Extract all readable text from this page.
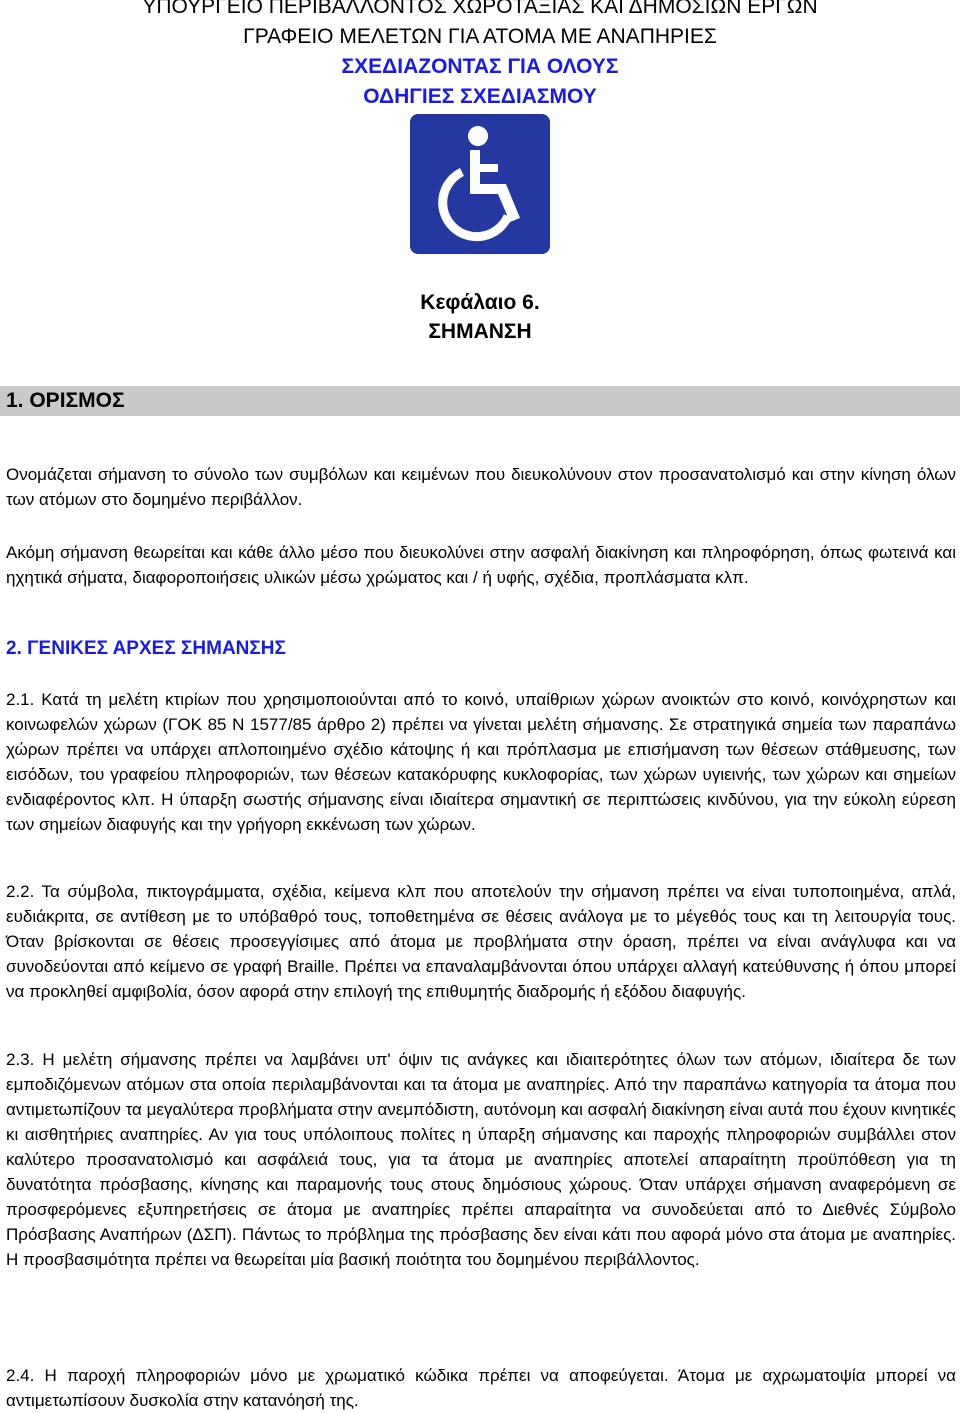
ΥΠΟΥΡΓΕΙΟ ΠΕΡΙΒΑΛΛΟΝΤΟΣ ΧΩΡΟΤΑΞΙΑΣ ΚΑΙ ΔΗΜΟΣΙΩΝ ΕΡΓΩΝ
ΓΡΑΦΕΙΟ ΜΕΛΕΤΩΝ ΓΙΑ ΑΤΟΜΑ ΜΕ ΑΝΑΠΗΡΙΕΣ
ΣΧΕΔΙΑΖΟΝΤΑΣ ΓΙΑ ΟΛΟΥΣ
ΟΔΗΓΙΕΣ ΣΧΕΔΙΑΣΜΟΥ
Κεφάλαιο 6.
ΣΗΜΑΝΣΗ
1. ΟΡΙΣΜΟΣ

Ονομάζεται σήμανση το σύνολο των συμβόλων και κειμένων που διευκολύνουν στον προσανατολισμό και στην κίνηση όλων των ατόμων στο δομημένο περιβάλλον.

Ακόμη σήμανση θεωρείται και κάθε άλλο μέσο που διευκολύνει στην ασφαλή διακίνηση και πληροφόρηση, όπως φωτεινά και ηχητικά σήματα, διαφοροποιήσεις υλικών μέσω χρώματος και / ή υφής, σχέδια, προπλάσματα κλπ.

2. ΓΕΝΙΚΕΣ ΑΡΧΕΣ ΣΗΜΑΝΣΗΣ

2.1. Κατά τη μελέτη κτιρίων που χρησιμοποιούνται από το κοινό, υπαίθριων χώρων ανοικτών στο κοινό, κοινόχρηστων και κοινωφελών χώρων (ΓΟΚ 85 Ν 1577/85 άρθρο 2) πρέπει να γίνεται μελέτη σήμανσης. Σε στρατηγικά σημεία των παραπάνω χώρων πρέπει να υπάρχει απλοποιημένο σχέδιο κάτοψης ή και πρόπλασμα με επισήμανση των θέσεων στάθμευσης, των εισόδων, του γραφείου πληροφοριών, των θέσεων κατακόρυφης κυκλοφορίας, των χώρων υγιεινής, των χώρων και σημείων ενδιαφέροντος κλπ. Η ύπαρξη σωστής σήμανσης είναι ιδιαίτερα σημαντική σε περιπτώσεις κινδύνου, για την εύκολη εύρεση των σημείων διαφυγής και την γρήγορη εκκένωση των χώρων.

2.2. Τα σύμβολα, πικτογράμματα, σχέδια, κείμενα κλπ που αποτελούν την σήμανση πρέπει να είναι τυποποιημένα, απλά, ευδιάκριτα, σε αντίθεση με το υπόβαθρό τους, τοποθετημένα σε θέσεις ανάλογα με το μέγεθός τους και τη λειτουργία τους. Όταν βρίσκονται σε θέσεις προσεγγίσιμες από άτομα με προβλήματα στην όραση, πρέπει να είναι ανάγλυφα και να συνοδεύονται από κείμενο σε γραφή Braille. Πρέπει να επαναλαμβάνονται όπου υπάρχει αλλαγή κατεύθυνσης ή όπου μπορεί να προκληθεί αμφιβολία, όσον αφορά στην επιλογή της επιθυμητής διαδρομής ή εξόδου διαφυγής.

2.3. Η μελέτη σήμανσης πρέπει να λαμβάνει υπ' όψιν τις ανάγκες και ιδιαιτερότητες όλων των ατόμων, ιδιαίτερα δε των εμποδιζόμενων ατόμων στα οποία περιλαμβάνονται και τα άτομα με αναπηρίες. Από την παραπάνω κατηγορία τα άτομα που αντιμετωπίζουν τα μεγαλύτερα προβλήματα στην ανεμπόδιστη, αυτόνομη και ασφαλή διακίνηση είναι αυτά που έχουν κινητικές κι αισθητήριες αναπηρίες. Αν για τους υπόλοιπους πολίτες η ύπαρξη σήμανσης και παροχής πληροφοριών συμβάλλει στον καλύτερο προσανατολισμό και ασφάλειά τους, για τα άτομα με αναπηρίες αποτελεί απαραίτητη προϋπόθεση για τη δυνατότητα πρόσβασης, κίνησης και παραμονής τους στους δημόσιους χώρους. Όταν υπάρχει σήμανση αναφερόμενη σε προσφερόμενες εξυπηρετήσεις σε άτομα με αναπηρίες πρέπει απαραίτητα να συνοδεύεται από το Διεθνές Σύμβολο Πρόσβασης Αναπήρων (ΔΣΠ). Πάντως το πρόβλημα της πρόσβασης δεν είναι κάτι που αφορά μόνο στα άτομα με αναπηρίες. Η προσβασιμότητα πρέπει να θεωρείται μία βασική ποιότητα του δομημένου περιβάλλοντος.

2.4. Η παροχή πληροφοριών μόνο με χρωματικό κώδικα πρέπει να αποφεύγεται. Άτομα με αχρωματοψία μπορεί να αντιμετωπίσουν δυσκολία στην κατανόησή της.
